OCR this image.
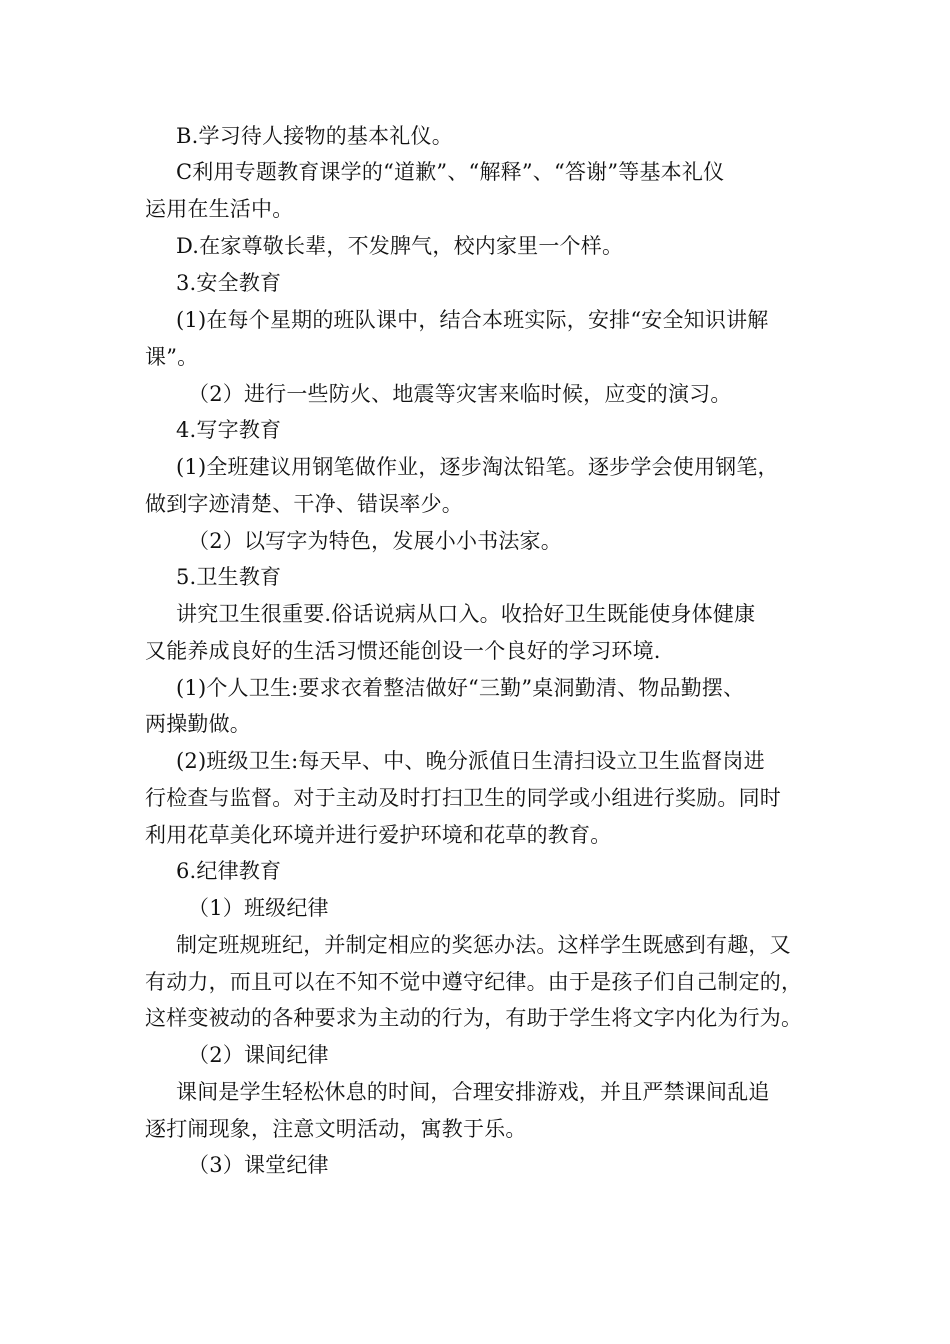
B.学习待人接物的基本礼仪。
C利用专题教育课学的“道歉”、“解释”、“答谢”等基本礼仪
运用在生活中。
D.在家尊敬长辈，不发脾气，校内家里一个样。
3.安全教育
(1)在每个星期的班队课中，结合本班实际，安排“安全知识讲解
课”。
（2）进行一些防火、地震等灾害来临时候，应变的演习。
4.写字教育
(1)全班建议用钢笔做作业，逐步淘汰铅笔。逐步学会使用钢笔，
做到字迹清楚、干净、错误率少。
（2）以写字为特色，发展小小书法家。
5.卫生教育
讲究卫生很重要.俗话说病从口入。收拾好卫生既能使身体健康
又能养成良好的生活习惯还能创设一个良好的学习环境.
(1)个人卫生:要求衣着整洁做好“三勤”桌洞勤清、物品勤摆、
两操勤做。
(2)班级卫生:每天早、中、晚分派值日生清扫设立卫生监督岗进
行检查与监督。对于主动及时打扫卫生的同学或小组进行奖励。同时
利用花草美化环境并进行爱护环境和花草的教育。
6.纪律教育
（1）班级纪律
制定班规班纪，并制定相应的奖惩办法。这样学生既感到有趣，又
有动力，而且可以在不知不觉中遵守纪律。由于是孩子们自己制定的，
这样变被动的各种要求为主动的行为，有助于学生将文字内化为行为。
（2）课间纪律
课间是学生轻松休息的时间，合理安排游戏，并且严禁课间乱追
逐打闹现象，注意文明活动，寓教于乐。
（3）课堂纪律
